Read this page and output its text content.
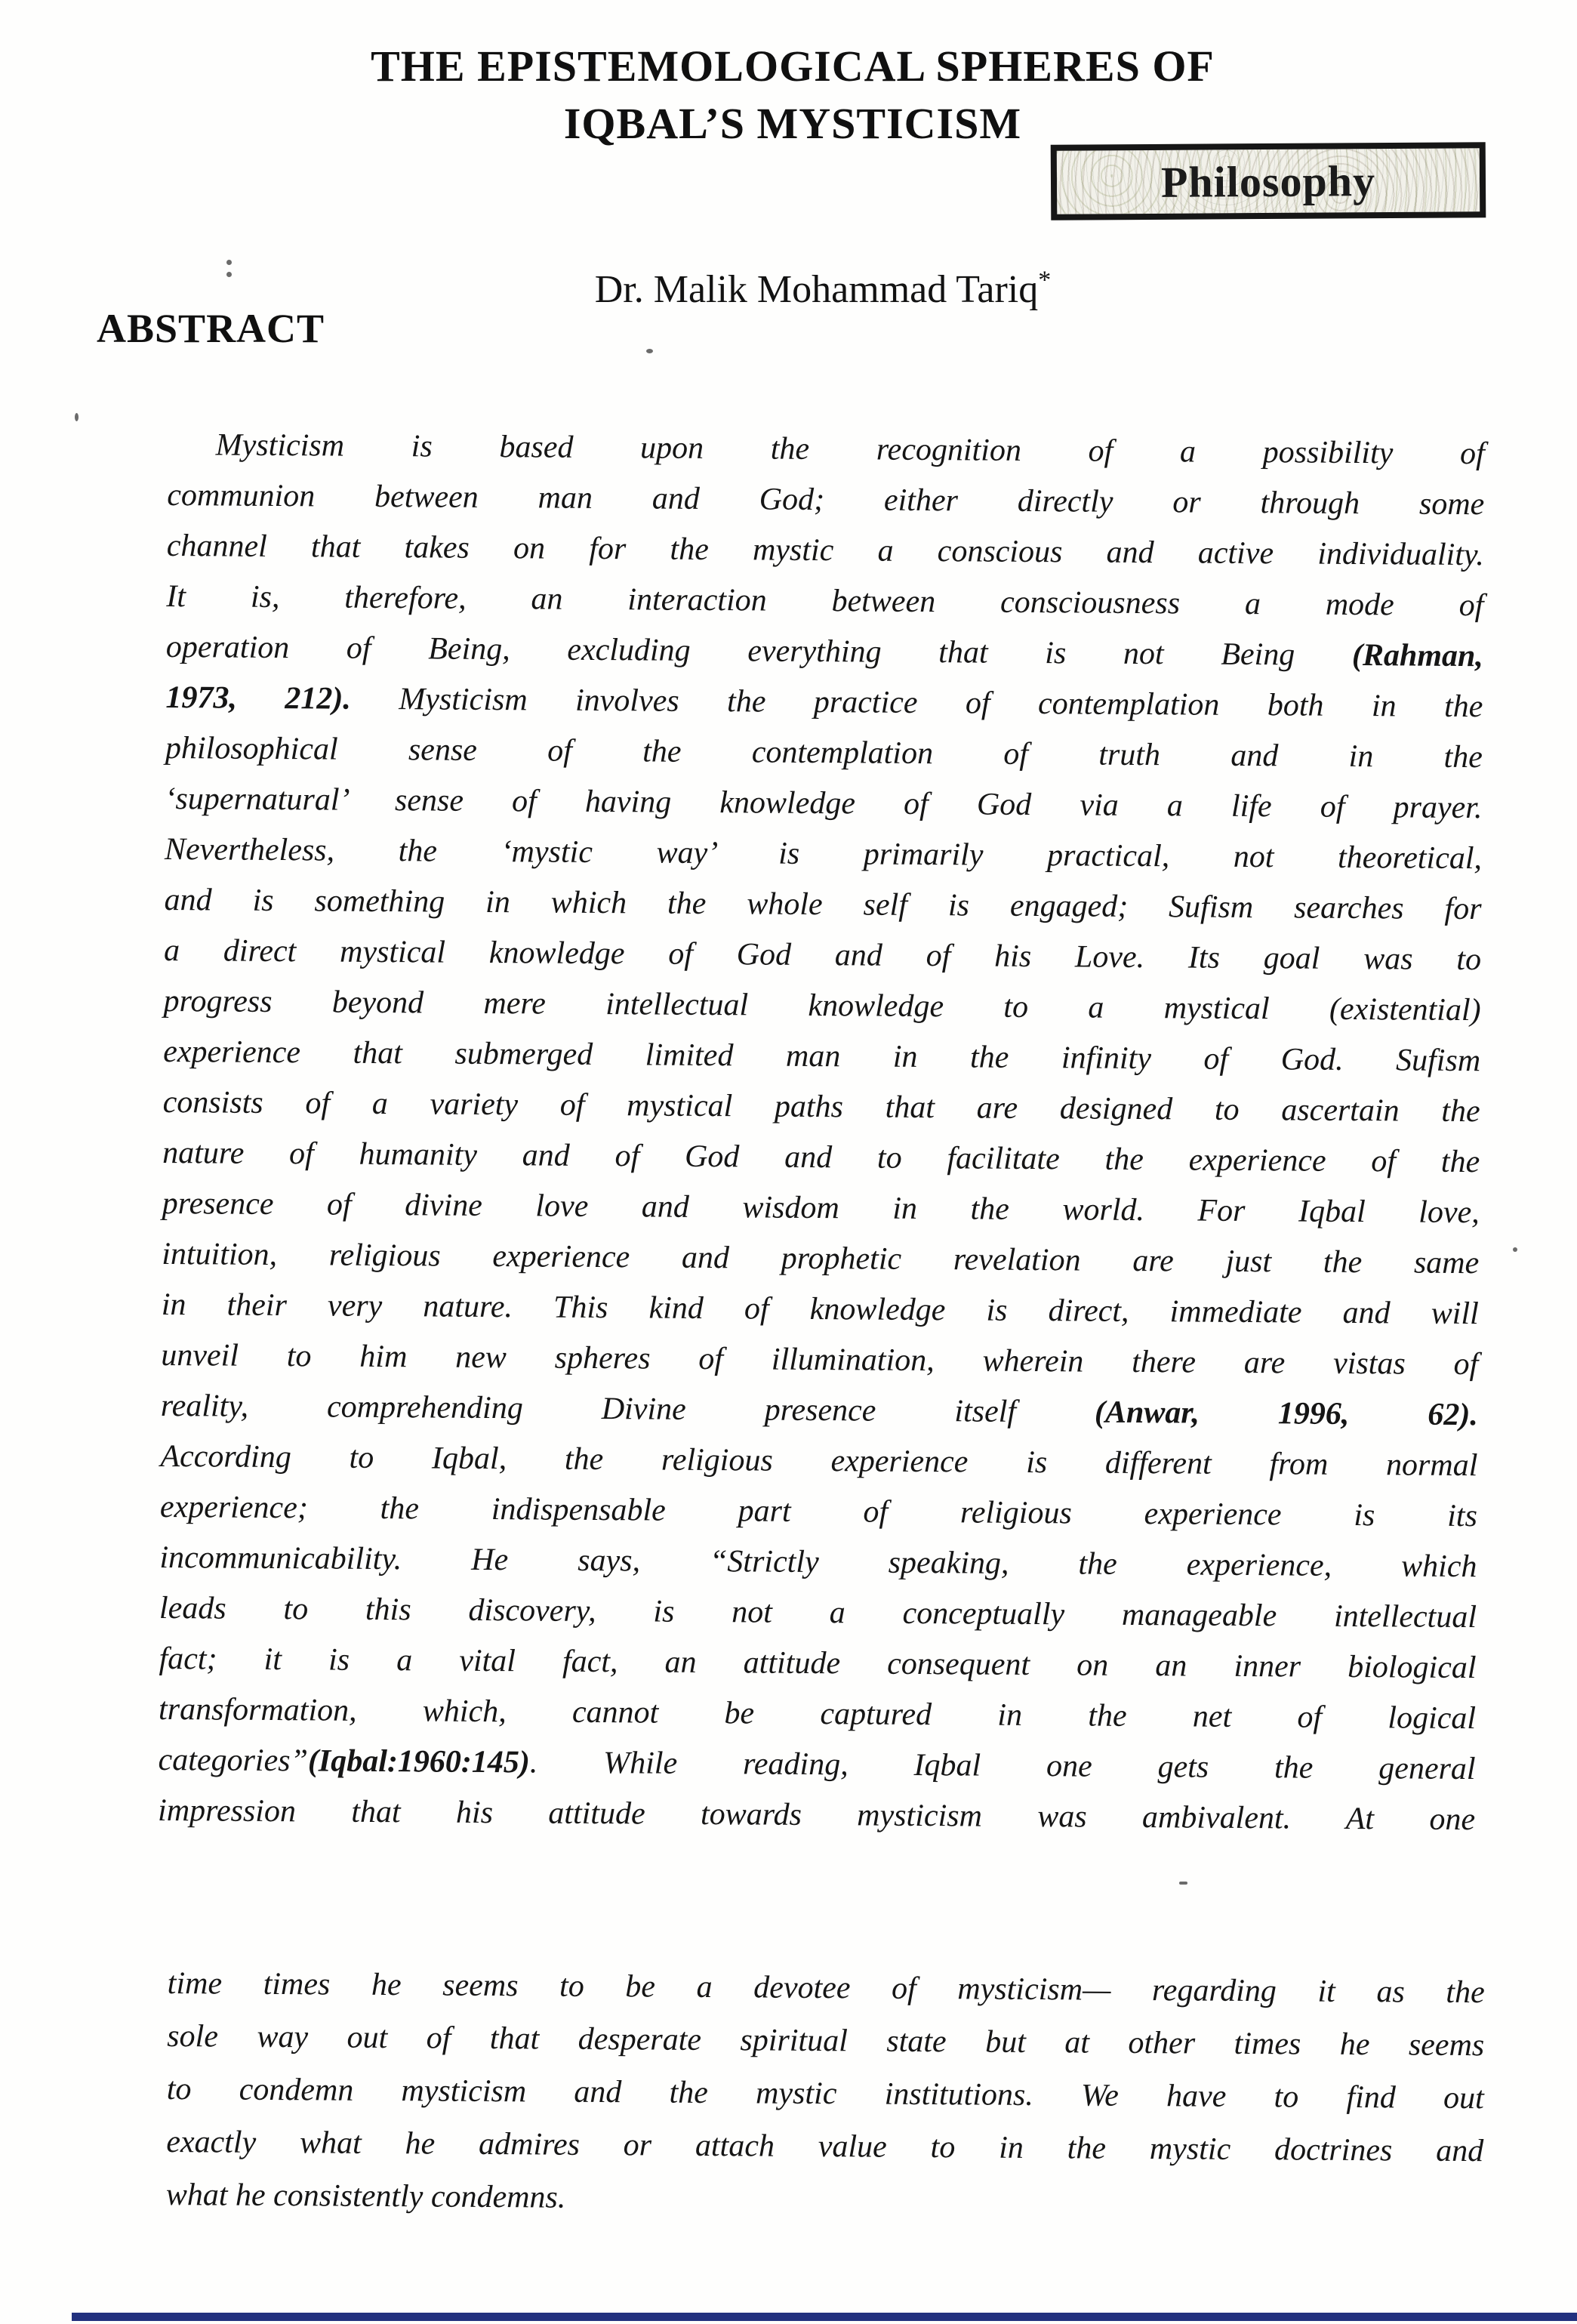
THE EPISTEMOLOGICAL SPHERES OF
IQBAL’S MYSTICISM
Philosophy
Dr. Malik Mohammad Tariq*
ABSTRACT
Mysticism is based upon the recognition of a possibility of
communion between man and God; either directly or through some
channel that takes on for the mystic a conscious and active individuality.
It is, therefore, an interaction between consciousness a mode of
operation of Being, excluding everything that is not Being (Rahman,
1973, 212). Mysticism involves the practice of contemplation both in the
philosophical sense of the contemplation of truth and in the
‘supernatural’ sense of having knowledge of God via a life of prayer.
Nevertheless, the ‘mystic way’ is primarily practical, not theoretical,
and is something in which the whole self is engaged; Sufism searches for
a direct mystical knowledge of God and of his Love. Its goal was to
progress beyond mere intellectual knowledge to a mystical (existential)
experience that submerged limited man in the infinity of God. Sufism
consists of a variety of mystical paths that are designed to ascertain the
nature of humanity and of God and to facilitate the experience of the
presence of divine love and wisdom in the world. For Iqbal love,
intuition, religious experience and prophetic revelation are just the same
in their very nature. This kind of knowledge is direct, immediate and will
unveil to him new spheres of illumination, wherein there are vistas of
reality, comprehending Divine presence itself (Anwar, 1996, 62).
According to Iqbal, the religious experience is different from normal
experience; the indispensable part of religious experience is its
incommunicability. He says, “Strictly speaking, the experience, which
leads to this discovery, is not a conceptually manageable intellectual
fact; it is a vital fact, an attitude consequent on an inner biological
transformation, which, cannot be captured in the net of logical
categories”(Iqbal:1960:145). While reading, Iqbal one gets the general
impression that his attitude towards mysticism was ambivalent. At one
time times he seems to be a devotee of mysticism— regarding it as the
sole way out of that desperate spiritual state but at other times he seems
to condemn mysticism and the mystic institutions. We have to find out
exactly what he admires or attach value to in the mystic doctrines and
what he consistently condemns.
